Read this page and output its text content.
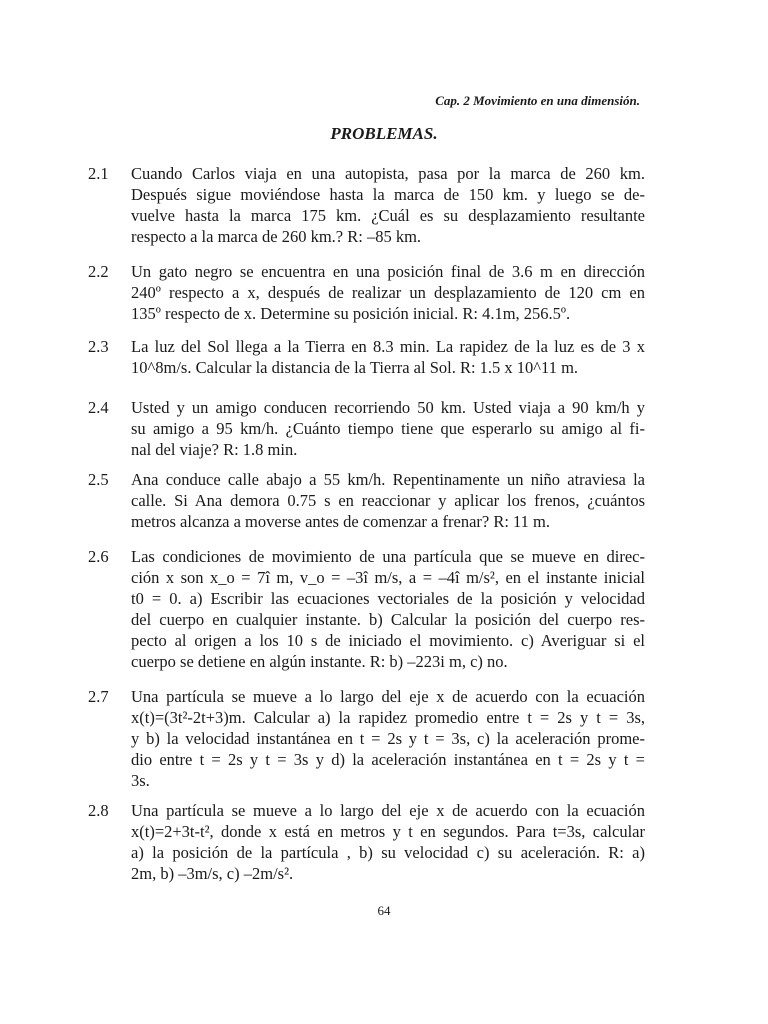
Cap. 2 Movimiento en una dimensión.
PROBLEMAS.
2.1 Cuando Carlos viaja en una autopista, pasa por la marca de 260 km.
Después sigue moviéndose hasta la marca de 150 km. y luego se de-
vuelve hasta la marca 175 km. ¿Cuál es su desplazamiento resultante
respecto a la marca de 260 km.? R: –85 km.
2.2 Un gato negro se encuentra en una posición final de 3.6 m en dirección
240º respecto a x, después de realizar un desplazamiento de 120 cm en
135º respecto de x. Determine su posición inicial. R: 4.1m, 256.5º.
2.3 La luz del Sol llega a la Tierra en 8.3 min. La rapidez de la luz es de 3 x
10^8m/s. Calcular la distancia de la Tierra al Sol. R: 1.5 x 10^11 m.
2.4 Usted y un amigo conducen recorriendo 50 km. Usted viaja a 90 km/h y
su amigo a 95 km/h. ¿Cuánto tiempo tiene que esperarlo su amigo al fi-
nal del viaje? R: 1.8 min.
2.5 Ana conduce calle abajo a 55 km/h. Repentinamente un niño atraviesa la
calle. Si Ana demora 0.75 s en reaccionar y aplicar los frenos, ¿cuántos
metros alcanza a moverse antes de comenzar a frenar? R: 11 m.
2.6 Las condiciones de movimiento de una partícula que se mueve en direc-
ción x son x_o = 7î m, v_o = –3î m/s, a = –4î m/s², en el instante inicial
t0 = 0. a) Escribir las ecuaciones vectoriales de la posición y velocidad
del cuerpo en cualquier instante. b) Calcular la posición del cuerpo res-
pecto al origen a los 10 s de iniciado el movimiento. c) Averiguar si el
cuerpo se detiene en algún instante. R: b) –223i m, c) no.
2.7 Una partícula se mueve a lo largo del eje x de acuerdo con la ecuación
x(t)=(3t²-2t+3)m. Calcular a) la rapidez promedio entre t = 2s y t = 3s,
y b) la velocidad instantánea en t = 2s y t = 3s, c) la aceleración prome-
dio entre t = 2s y t = 3s y d) la aceleración instantánea en t = 2s y t =
3s.
2.8 Una partícula se mueve a lo largo del eje x de acuerdo con la ecuación
x(t)=2+3t-t², donde x está en metros y t en segundos. Para t=3s, calcular
a) la posición de la partícula , b) su velocidad c) su aceleración. R: a)
2m, b) –3m/s, c) –2m/s².
64
